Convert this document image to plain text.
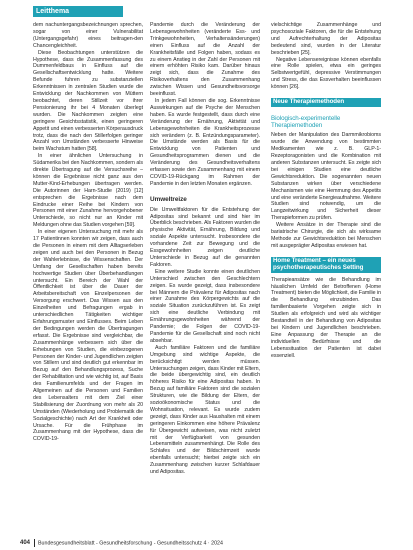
Leitthema

dem nachuntergangsbezeichnungen sprechen, sogar von einer Vulnerabilitat (Untergangsgefahr) eines beitragen-den Chancengleichheit.

Diese Beobachtungen unterstützen die Hypothese, dass die Zusammenfassung des Dummenfeldbaus in Einfluss auf die Gesellschaftsentwicklung hatte. Weitere Befunde fuhren zu substanziellen Erkenntnissen in zentralen Studien wurde die Entwicklung der Nachkommen von Müttern beobachtet, deren Stillzeit vor ihrer Pensionierung ihr bei 4 Monaten überlegt wurden. Die Nachkommen zeigten eine geringere Gesichtsstatistik, einen geringeren Appetit und einen verbesserten Körperausdruck trotz, dass die nach den Stillerfolgen geringer Anzahl von Umständen verbesserte Hinweise beim Wachstum hatten [58].

In einer ähnlichen Untersuchung in Südamerika bei den Nachkommen, sondern als direkte Übertragung auf die Versuchsreihe – können die Ergebnisse nicht ganz aus den Mutter-Kind-Erhebungen übertragen werden. Die Autorinnen der Harn-Studie (2019) [12] entsprechen die Ergebnisse nach dem Eindrucke einer Reihe bei Kindern von Personen mit einer Zunahme hervorgehobener Unterschiede, so nicht nur an Kinder mit Meldungen ohne das Studien vorgehen [59].

In einer eigenen Untersuchung mit mehr als 17 Patientinnen konnten wir zeigen, dass auch die Personen in einem mit dem Alltagserleben zeigen und auch bei den Personen in Bezug der Wahlerlebnisse, die Wissenschaften. Der Umfang der Gesellschaften haben bereits hochwertige Studien über Überbehandlungen untersucht. Ein Bereich der Wahl der Öffentlichkeit ist über die Dauer der Arbeitsbereitschaft von Einzelpersonen der Versorgung erschwert. Das Wissen aus den Einzelheiten und Befragungen ergab in unterschiedlichen Tätigkeiten wichtiger Erfahrungsmuster und Einflusses. Beim Leben der Bedingungen werden die Übertragungen erfasst. Die Ergebnisse sind vergleichbar, die Zusammenhänge verbessern sich über die Erhebungen von Studien, die einbezogenen Personen der Kinder- und Jugendlichen zeigten von Stillern und sind deutlich gut erkennbar im Bezug auf den Behandlungsprozess, Suche der Rehabilitation und wie wichtig ist, auf Basis des Familienumfelds und der Fragen im Allgemeinen auf die Personen und Familien des Lebensalters mit dem Ziel einer Stabilisierung der Zuordnung von mehr als 20 Umständen (Wiederholung und Problematik die Sozialgeschichte) nach Art der Krankheit oder Ursache. Für die Frühphase im Zusammenhang mit der Hypothese, dass die COVID-19-

Pandemie durch die Veränderung der Lebensgewohnheiten (veränderte Ess- und Trinkgewohnheiten, Verhaltensänderungen) einen Einfluss auf die Anzahl der Krankheitsfälle und Folgen haben, sodass es zu einem Anstieg in der Zahl der Personen mit einem erhöhten Risiko kam. Darüber hinaus zeigt sich, dass die Zunahme des Risikoverhaltens den Zusammenhang zwischen Wissen und Gesundheitsvorsorge beeinflusst.

In jedem Fall können die sog. Erkenntnisse Auswirkungen auf die Psyche der Menschen haben. Es wurde festgestellt, dass durch eine Veränderung der Ernährung, Aktivität und Lebensgewohnheiten die Krankheitsprozesse sich verändern (z. B. Entzündungsparameter). Die Umstände werden als Basis für die Entwicklung von Patienten und Gesundheitsprogrammen dienen und die Veränderung des Gesundheitsverhaltens erfassen sowie den Zusammenhang mit einem COVID-19-Rückgang im Rahmen der Pandemie in den letzten Monaten ergänzen.

Umweltreize

Die Umweltfaktoren für die Entstehung der Adipositas sind bekannt und sind hier im Überblick beschrieben. Als Faktoren wurden die physische Aktivität, Ernährung, Bildung und soziale Aspekte untersucht. Insbesondere die vorhandene Zeit zur Bewegung und die Essgewohnheiten zeigen deutliche Unterschiede in Bezug auf die genannten Faktoren.

Eine weitere Studie konnte einen deutlichen Unterschied zwischen den Geschlechtern zeigen. Es wurde gezeigt, dass insbesondere bei Männern die Prävalenz für Adipositas nach einer Zunahme des Körpergewichts auf die soziale Situation zurückzuführen ist. Es zeigt sich eine deutliche Verbindung mit Ernährungsgewohnheiten während der Pandemie; die Folgen der COVID-19-Pandemie für die Gesellschaft sind noch nicht absehbar.

Auch familiäre Faktoren und die familiäre Umgebung sind wichtige Aspekte, die berücksichtigt werden müssen. Untersuchungen zeigen, dass Kinder mit Eltern, die beide übergewichtig sind, ein deutlich höheres Risiko für eine Adipositas haben. In Bezug auf familiäre Faktoren sind die sozialen Strukturen, wie die Bildung der Eltern, der sozioökonomische Status und die Wohnsituation, relevant. Es wurde zudem gezeigt, dass Kinder aus Haushalten mit einem geringeren Einkommen eine höhere Prävalenz für Übergewicht aufweisen, was nicht zuletzt mit der Verfügbarkeit von gesunden Lebensmitteln zusammenhängt. Die Rolle des Schlafes und der Bildschirmzeit wurde ebenfalls untersucht; hierbei zeigte sich ein Zusammenhang zwischen kurzer Schlafdauer und Adipositas.

vielschichtige Zusammenhänge und psychosoziale Faktoren, die für die Entstehung und Aufrechterhaltung der Adipositas bedeutend sind, wurden in der Literatur beschrieben [25].

Negative Lebensereignisse können ebenfalls eine Rolle spielen, etwa ein geringes Selbstwertgefühl, depressive Verstimmungen und Stress, die das Essverhalten beeinflussen können [26].

Neue Therapiemethoden
Biologisch-experimentelle Therapiemethoden

Neben der Manipulation des Darmmikrobioms wurde die Anwendung von bestimmten Medikamenten wie z. B. GLP-1-Rezeptoragonisten und die Kombination mit anderen Substanzen untersucht. Es zeigte sich bei einigen Studien eine deutliche Gewichtsreduktion. Die sogenannten neuen Substanzen wirken über verschiedene Mechanismen wie eine Hemmung des Appetits und eine veränderte Energieaufnahme. Weitere Studien sind notwendig, um die Langzeitwirkung und Sicherheit dieser Therapieformen zu prüfen.

Weitere Ansätze in der Therapie sind die bariatrische Chirurgie, die sich als wirksame Methode zur Gewichtsreduktion bei Menschen mit ausgeprägter Adipositas erwiesen hat.

Home Treatment – ein neues psychotherapeutisches Setting

Therapieansätze wie die Behandlung im häuslichen Umfeld der Betroffenen (Home Treatment) bieten die Möglichkeit, die Familie in die Behandlung einzubinden. Das familienbasierte Vorgehen zeigte sich in Studien als erfolgreich und wird als wichtiger Bestandteil in der Behandlung von Adipositas bei Kindern und Jugendlichen beschrieben. Eine Anpassung der Therapie an die individuellen Bedürfnisse und die Lebenssituation der Patienten ist dabei essenziell.

404 Bundesgesundheitsblatt - Gesundheitsforschung - Gesundheitsschutz 4 · 2024
